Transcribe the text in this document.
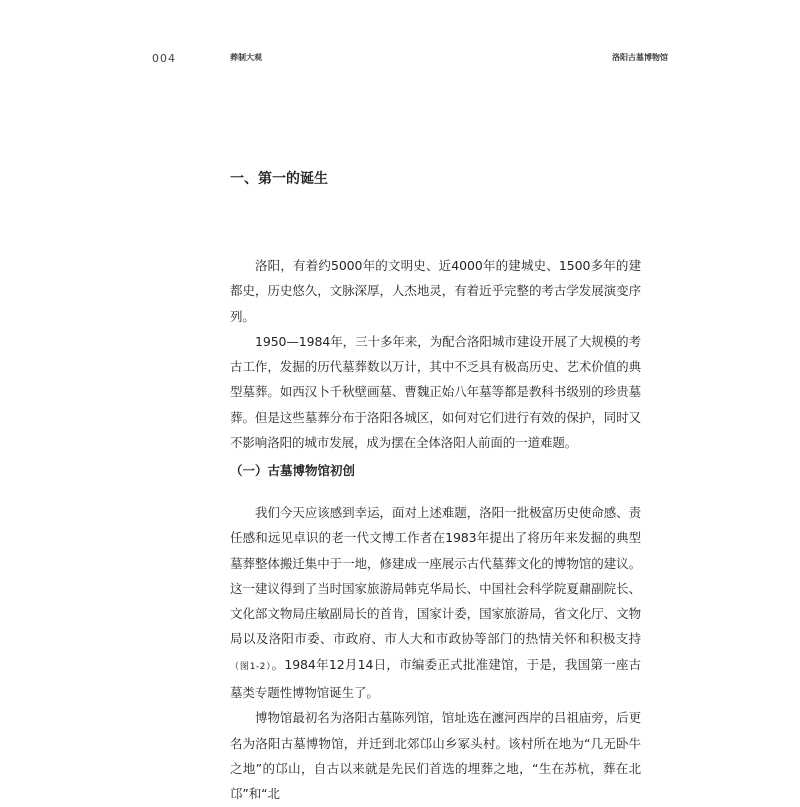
004	葬制大观	洛阳古墓博物馆
一、第一的诞生

洛阳，有着约5000年的文明史、近4000年的建城史、1500多年的建都史，历史悠久，文脉深厚，人杰地灵，有着近乎完整的考古学发展演变序列。

1950—1984年，三十多年来，为配合洛阳城市建设开展了大规模的考古工作，发掘的历代墓葬数以万计，其中不乏具有极高历史、艺术价值的典型墓葬。如西汉卜千秋壁画墓、曹魏正始八年墓等都是教科书级别的珍贵墓葬。但是这些墓葬分布于洛阳各城区，如何对它们进行有效的保护，同时又不影响洛阳的城市发展，成为摆在全体洛阳人前面的一道难题。

（一）古墓博物馆初创

我们今天应该感到幸运，面对上述难题，洛阳一批极富历史使命感、责任感和远见卓识的老一代文博工作者在1983年提出了将历年来发掘的典型墓葬整体搬迁集中于一地，修建成一座展示古代墓葬文化的博物馆的建议。这一建议得到了当时国家旅游局韩克华局长、中国社会科学院夏鼐副院长、文化部文物局庄敏副局长的首肯，国家计委，国家旅游局，省文化厅、文物局以及洛阳市委、市政府、市人大和市政协等部门的热情关怀和积极支持（图1-2）。1984年12月14日，市编委正式批准建馆，于是，我国第一座古墓类专题性博物馆诞生了。

博物馆最初名为洛阳古墓陈列馆，馆址选在瀍河西岸的吕祖庙旁，后更名为洛阳古墓博物馆，并迁到北郊邙山乡冢头村。该村所在地为“几无卧牛之地”的邙山，自古以来就是先民们首选的埋葬之地，“生在苏杭，葬在北邙”和“北
